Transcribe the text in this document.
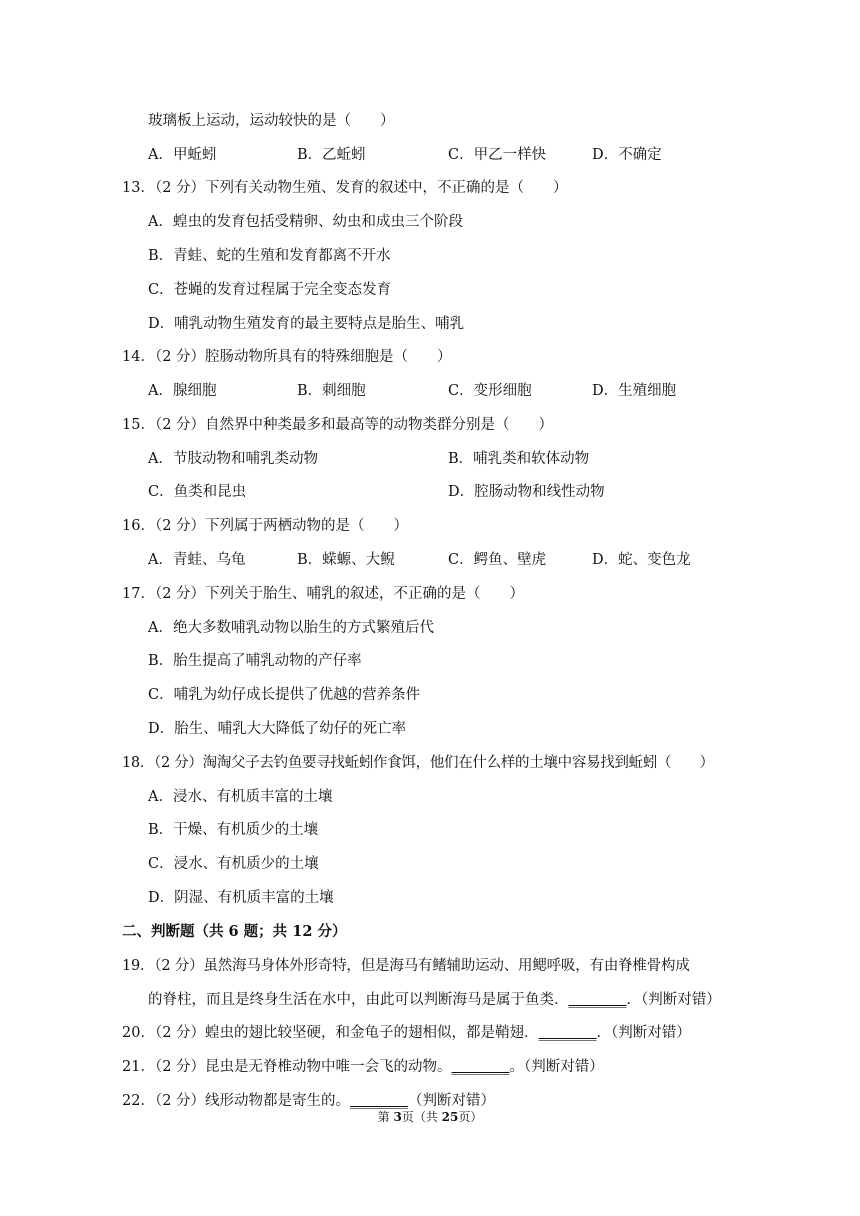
玻璃板上运动，运动较快的是（　　）
A．甲蚯蚓	B．乙蚯蚓	C．甲乙一样快	D．不确定
13．（2 分）下列有关动物生殖、发育的叙述中，不正确的是（　　）
A．蝗虫的发育包括受精卵、幼虫和成虫三个阶段
B．青蛙、蛇的生殖和发育都离不开水
C．苍蝇的发育过程属于完全变态发育
D．哺乳动物生殖发育的最主要特点是胎生、哺乳
14．（2 分）腔肠动物所具有的特殊细胞是（　　）
A．腺细胞	B．刺细胞	C．变形细胞	D．生殖细胞
15．（2 分）自然界中种类最多和最高等的动物类群分别是（　　）
A．节肢动物和哺乳类动物	B．哺乳类和软体动物
C．鱼类和昆虫	D．腔肠动物和线性动物
16．（2 分）下列属于两栖动物的是（　　）
A．青蛙、乌龟	B．蝾螈、大鲵	C．鳄鱼、壁虎	D．蛇、变色龙
17．（2 分）下列关于胎生、哺乳的叙述，不正确的是（　　）
A．绝大多数哺乳动物以胎生的方式繁殖后代
B．胎生提高了哺乳动物的产仔率
C．哺乳为幼仔成长提供了优越的营养条件
D．胎生、哺乳大大降低了幼仔的死亡率
18．（2 分）淘淘父子去钓鱼要寻找蚯蚓作食饵，他们在什么样的土壤中容易找到蚯蚓（　　）
A．浸水、有机质丰富的土壤
B．干燥、有机质少的土壤
C．浸水、有机质少的土壤
D．阴湿、有机质丰富的土壤
二、判断题（共 6 题；共 12 分）
19．（2 分）虽然海马身体外形奇特，但是海马有鳍辅助运动、用鳃呼吸，有由脊椎骨构成
的脊柱，而且是终身生活在水中，由此可以判断海马是属于鱼类．________．（判断对错）
20．（2 分）蝗虫的翅比较坚硬，和金龟子的翅相似，都是鞘翅．________．（判断对错）
21．（2 分）昆虫是无脊椎动物中唯一会飞的动物。________。（判断对错）
22．（2 分）线形动物都是寄生的。________（判断对错）
第 3页（共 25页）
